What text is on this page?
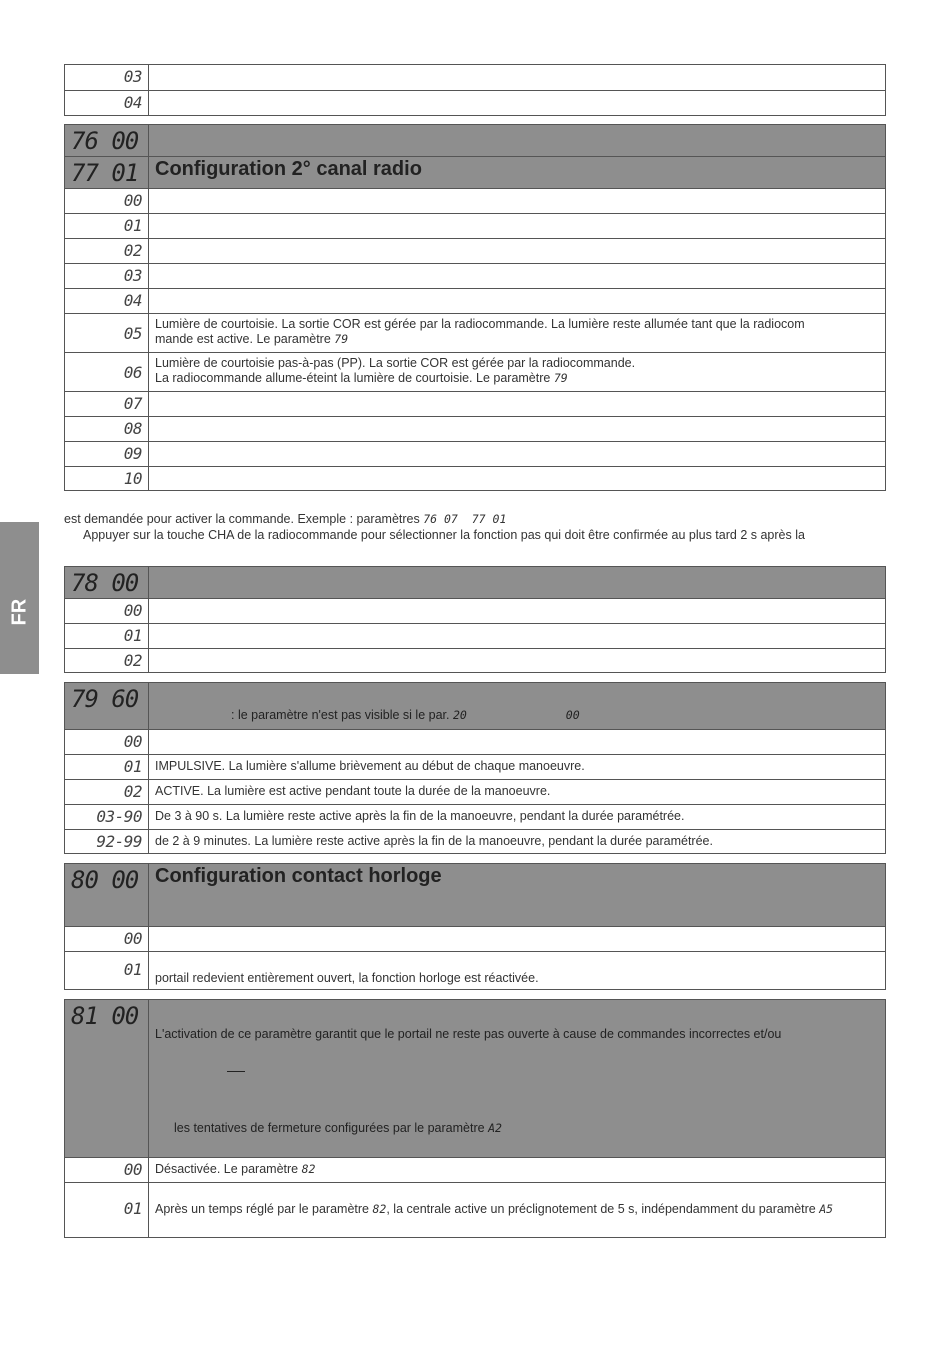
FR
03
04
76 00
77 01 Configuration 2° canal radio
00
01
02
03
04
05	Lumière de courtoisie. La sortie COR est gérée par la radiocommande. La lumière reste allumée tant que la radiocom
mande est active. Le paramètre 79
06	Lumière de courtoisie pas-à-pas (PP). La sortie COR est gérée par la radiocommande.
La radiocommande allume-éteint la lumière de courtoisie. Le paramètre 79
07
08
09
10
est demandée pour activer la commande. Exemple : paramètres 76 07 77 01
Appuyer sur la touche CHA de la radiocommande pour sélectionner la fonction pas qui doit être confirmée au plus tard 2 s après la
78 00
00
01
02
79 60
: le paramètre n'est pas visible si le par. 20	00
00
01	IMPULSIVE. La lumière s'allume brièvement au début de chaque manoeuvre.
02	ACTIVE. La lumière est active pendant toute la durée de la manoeuvre.
03-90	De 3 à 90 s. La lumière reste active après la fin de la manoeuvre, pendant la durée paramétrée.
92-99	de 2 à 9 minutes. La lumière reste active après la fin de la manoeuvre, pendant la durée paramétrée.
80 00 Configuration contact horloge
00
01	portail redevient entièrement ouvert, la fonction horloge est réactivée.
81 00
L'activation de ce paramètre garantit que le portail ne reste pas ouverte à cause de commandes incorrectes et/ou
les tentatives de fermeture configurées par le paramètre A2
00	Désactivée. Le paramètre 82
01	Après un temps réglé par le paramètre 82, la centrale active un préclignotement de 5 s, indépendamment du paramètre A5
